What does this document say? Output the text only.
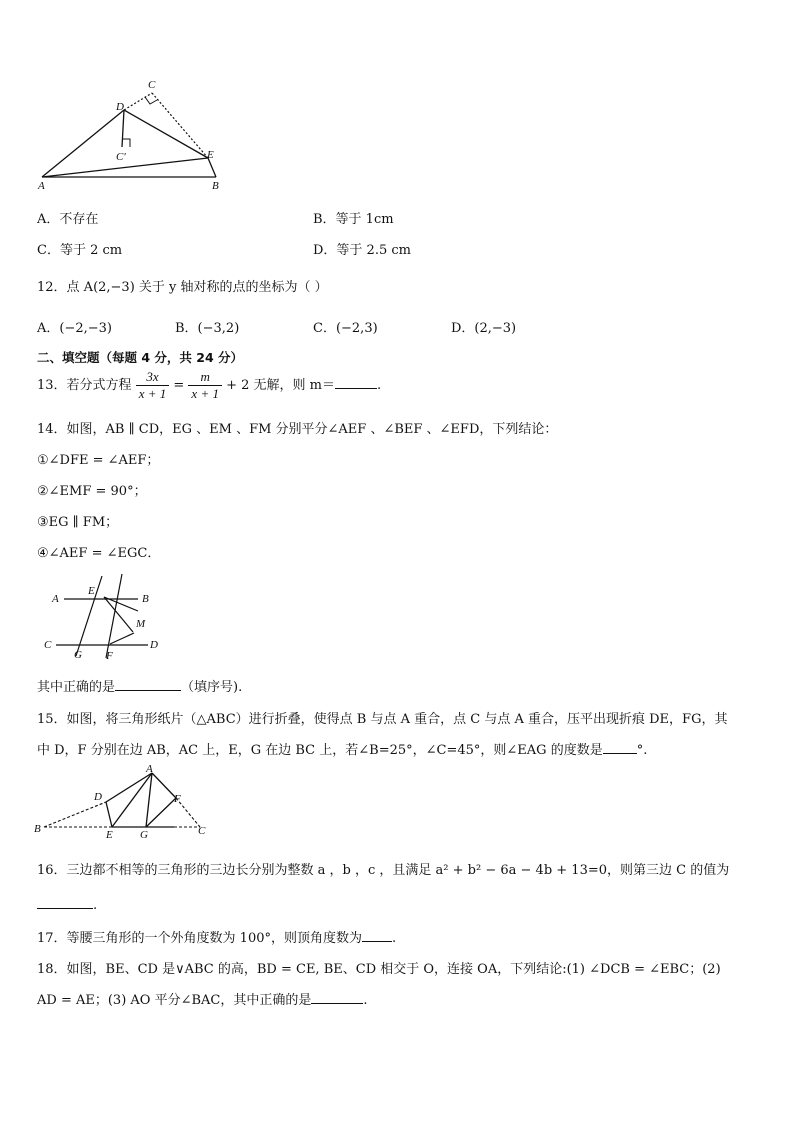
C
D
C′	E
A	B
A．不存在	B．等于 1cm
C．等于 2 cm	D．等于 2.5 cm
12．点 A(2,−3) 关于 y 轴对称的点的坐标为（ ）
A．(−2,−3)	B．(−3,2)	C．(−2,3)	D．(2,−3)
二、填空题（每题 4 分，共 24 分）
13．若分式方程 $\frac{3x}{x + 1} = \frac{m}{x + 1} + 2$ 无解，则 m＝	.
14．如图，AB ∥ CD，EG 、EM 、FM 分别平分∠AEF 、∠BEF 、∠EFD，下列结论：
①∠DFE = ∠AEF；
②∠EMF = 90°；
③EG ∥ FM；
④∠AEF = ∠EGC．
A
E
B
M
C
G F
D
其中正确的是	（填序号).
15．如图，将三角形纸片（△ABC）进行折叠，使得点 B 与点 A 重合，点 C 与点 A 重合，压平出现折痕 DE，FG，其
中 D，F 分别在边 AB，AC 上，E，G 在边 BC 上，若∠B=25°，∠C=45°，则∠EAG 的度数是	°.
A
D	F
B	E G	C
16．三边都不相等的三角形的三边长分别为整数 a ，b ，c ，且满足 a² + b² − 6a − 4b + 13=0，则第三边 C 的值为
.
17．等腰三角形的一个外角度数为 100°，则顶角度数为 .
18．如图，BE、CD 是∨ABC 的高，BD = CE, BE、CD 相交于 O，连接 OA，下列结论:(1) ∠DCB = ∠EBC；(2)
AD = AE；(3) AO 平分∠BAC，其中正确的是	.
